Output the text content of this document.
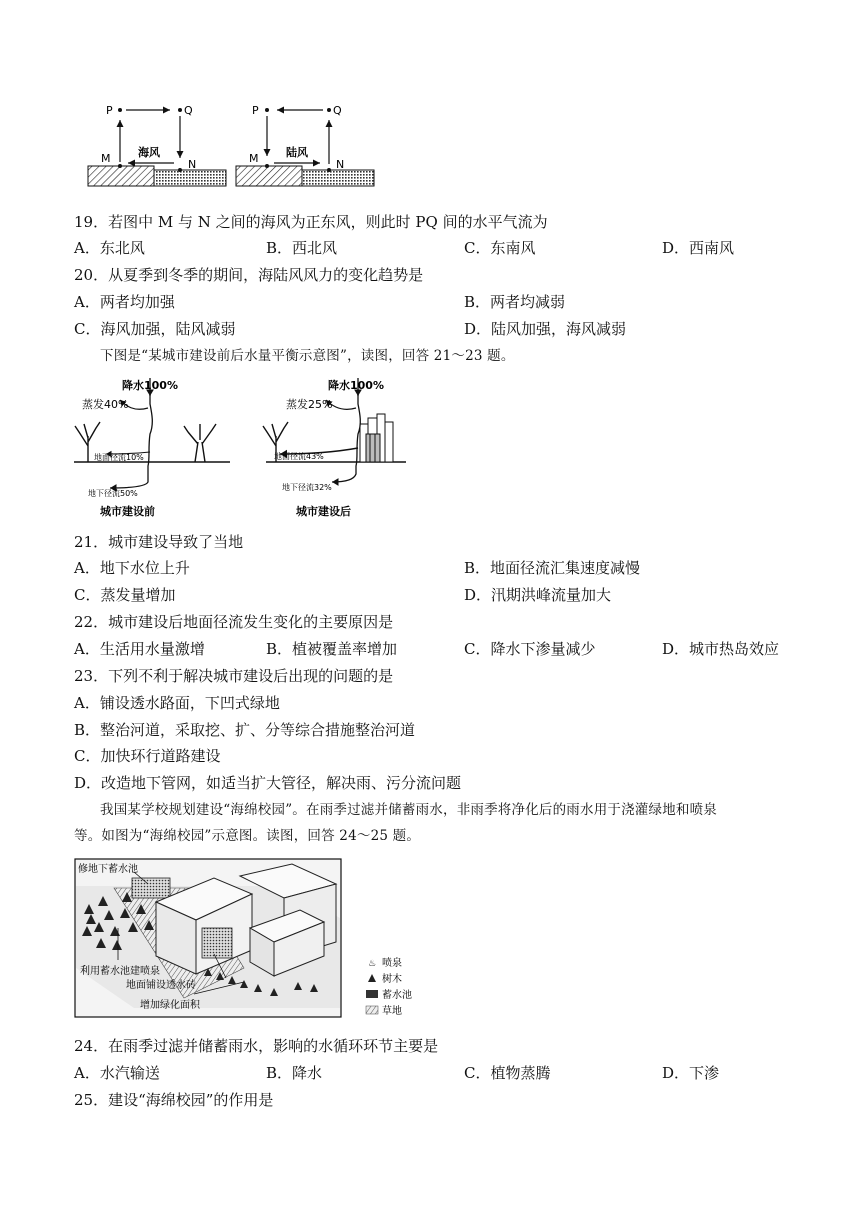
P	Q
M	N
海风
P	Q
M	N
陆风
19．若图中 M 与 N 之间的海风为正东风，则此时 PQ 间的水平气流为
A．东北风	B．西北风	C．东南风	D．西南风
20．从夏季到冬季的期间，海陆风风力的变化趋势是
A．两者均加强	B．两者均减弱
C．海风加强，陆风减弱	D．陆风加强，海风减弱
下图是“某城市建设前后水量平衡示意图”，读图，回答 21～23 题。
降水100%
蒸发40%
地面径流10%
地下径流50%
城市建设前
降水100%
蒸发25%
地面径流43%
地下径流32%
城市建设后
21．城市建设导致了当地
A．地下水位上升	B．地面径流汇集速度减慢
C．蒸发量增加	D．汛期洪峰流量加大
22．城市建设后地面径流发生变化的主要原因是
A．生活用水量激增	B．植被覆盖率增加	C．降水下渗量减少	D．城市热岛效应
23．下列不利于解决城市建设后出现的问题的是
A．铺设透水路面，下凹式绿地
B．整治河道，采取挖、扩、分等综合措施整治河道
C．加快环行道路建设
D．改造地下管网，如适当扩大管径，解决雨、污分流问题
我国某学校规划建设“海绵校园”。在雨季过滤并储蓄雨水，非雨季将净化后的雨水用于浇灌绿地和喷泉
等。如图为“海绵校园”示意图。读图，回答 24～25 题。
修地下蓄水池
利用蓄水池建喷泉
地面铺设透水砖
增加绿化面积
♨ 喷泉
树木
蓄水池
草地
24．在雨季过滤并储蓄雨水，影响的水循环环节主要是
A．水汽输送	B．降水	C．植物蒸腾	D．下渗
25．建设“海绵校园”的作用是
